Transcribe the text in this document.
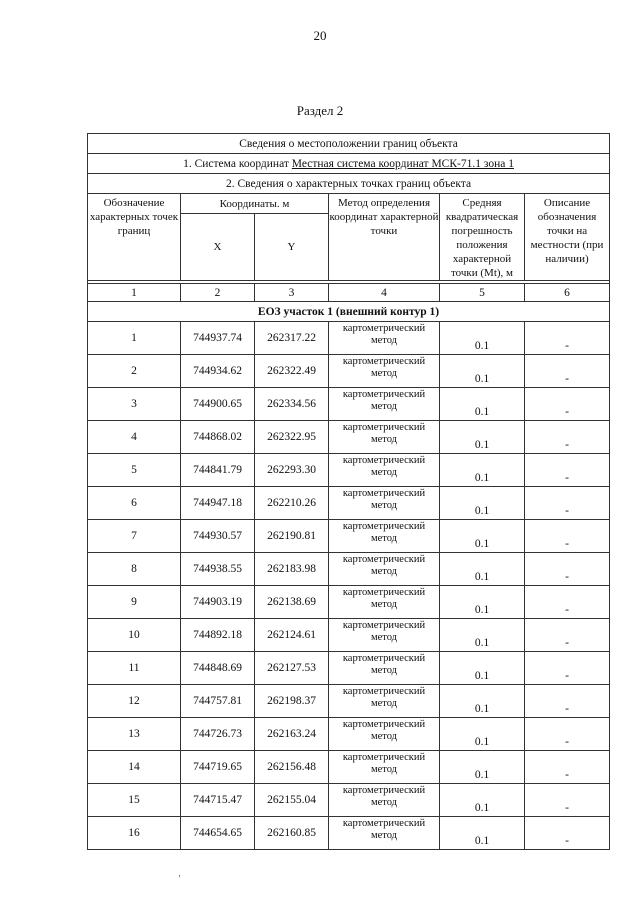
20
Раздел 2
Сведения о местоположении границ объекта					
1. Система координат Местная система координат МСК-71.1 зона 1					
2. Сведения о характерных точках границ объекта					
Обозначение характерных точек границ	Координаты. м		Метод определения координат характерной точки	Средняя квадратическая погрешность положения характерной точки (Mt), м	Описание обозначения точки на местности (при наличии)
	X	Y			

1	2	3	4	5	6
ЕОЗ участок 1 (внешний контур 1)					
1	744937.74	262317.22	картометрический метод	0.1	-
2	744934.62	262322.49	картометрический метод	0.1	-
3	744900.65	262334.56	картометрический метод	0.1	-
4	744868.02	262322.95	картометрический метод	0.1	-
5	744841.79	262293.30	картометрический метод	0.1	-
6	744947.18	262210.26	картометрический метод	0.1	-
7	744930.57	262190.81	картометрический метод	0.1	-
8	744938.55	262183.98	картометрический метод	0.1	-
9	744903.19	262138.69	картометрический метод	0.1	-
10	744892.18	262124.61	картометрический метод	0.1	-
11	744848.69	262127.53	картометрический метод	0.1	-
12	744757.81	262198.37	картометрический метод	0.1	-
13	744726.73	262163.24	картометрический метод	0.1	-
14	744719.65	262156.48	картометрический метод	0.1	-
15	744715.47	262155.04	картометрический метод	0.1	-
16	744654.65	262160.85	картометрический метод	0.1	-
‚
